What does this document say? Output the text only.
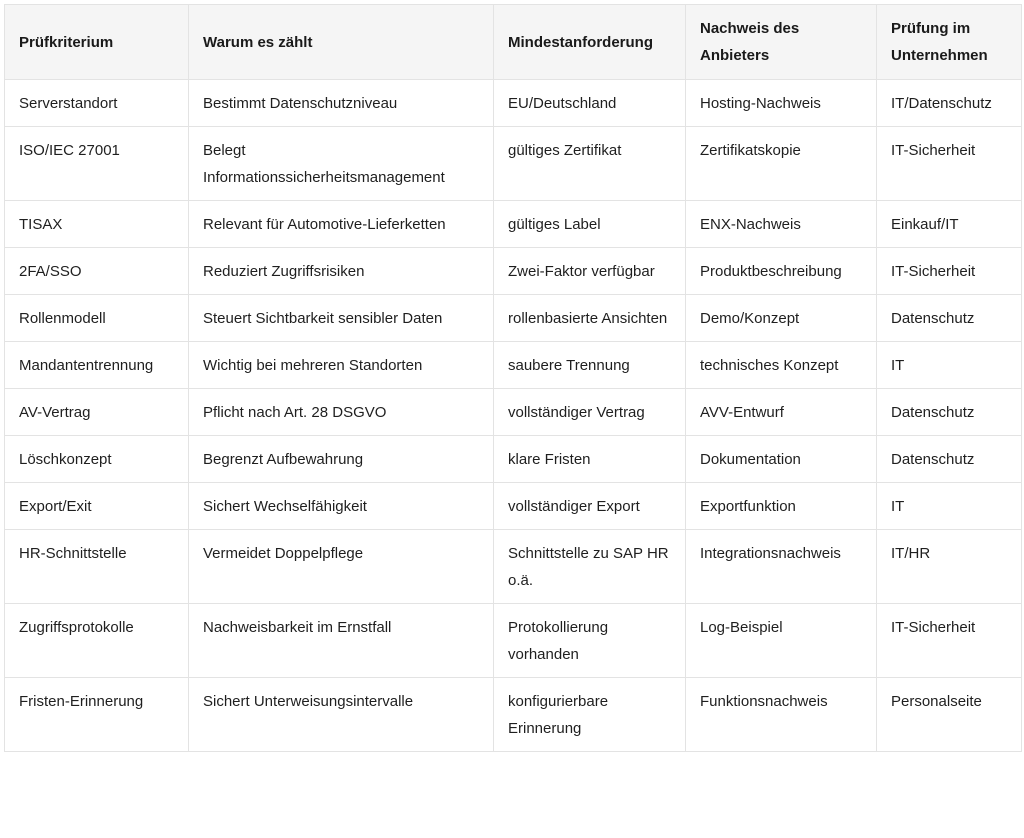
Prüfkriterium	Warum es zählt	Mindestanforderung	Nachweis des Anbieters	Prüfung im Unternehmen
Serverstandort	Bestimmt Datenschutzniveau	EU/Deutschland	Hosting-Nachweis	IT/Datenschutz
ISO/IEC 27001	Belegt Informationssicherheitsmanagement	gültiges Zertifikat	Zertifikatskopie	IT-Sicherheit
TISAX	Relevant für Automotive-Lieferketten	gültiges Label	ENX-Nachweis	Einkauf/IT
2FA/SSO	Reduziert Zugriffsrisiken	Zwei-Faktor verfügbar	Produktbeschreibung	IT-Sicherheit
Rollenmodell	Steuert Sichtbarkeit sensibler Daten	rollenbasierte Ansichten	Demo/Konzept	Datenschutz
Mandantentrennung	Wichtig bei mehreren Standorten	saubere Trennung	technisches Konzept	IT
AV-Vertrag	Pflicht nach Art. 28 DSGVO	vollständiger Vertrag	AVV-Entwurf	Datenschutz
Löschkonzept	Begrenzt Aufbewahrung	klare Fristen	Dokumentation	Datenschutz
Export/Exit	Sichert Wechselfähigkeit	vollständiger Export	Exportfunktion	IT
HR-Schnittstelle	Vermeidet Doppelpflege	Schnittstelle zu SAP HR o.ä.	Integrationsnachweis	IT/HR
Zugriffsprotokolle	Nachweisbarkeit im Ernstfall	Protokollierung vorhanden	Log-Beispiel	IT-Sicherheit
Fristen-Erinnerung	Sichert Unterweisungsintervalle	konfigurierbare Erinnerung	Funktionsnachweis	Personalseite
